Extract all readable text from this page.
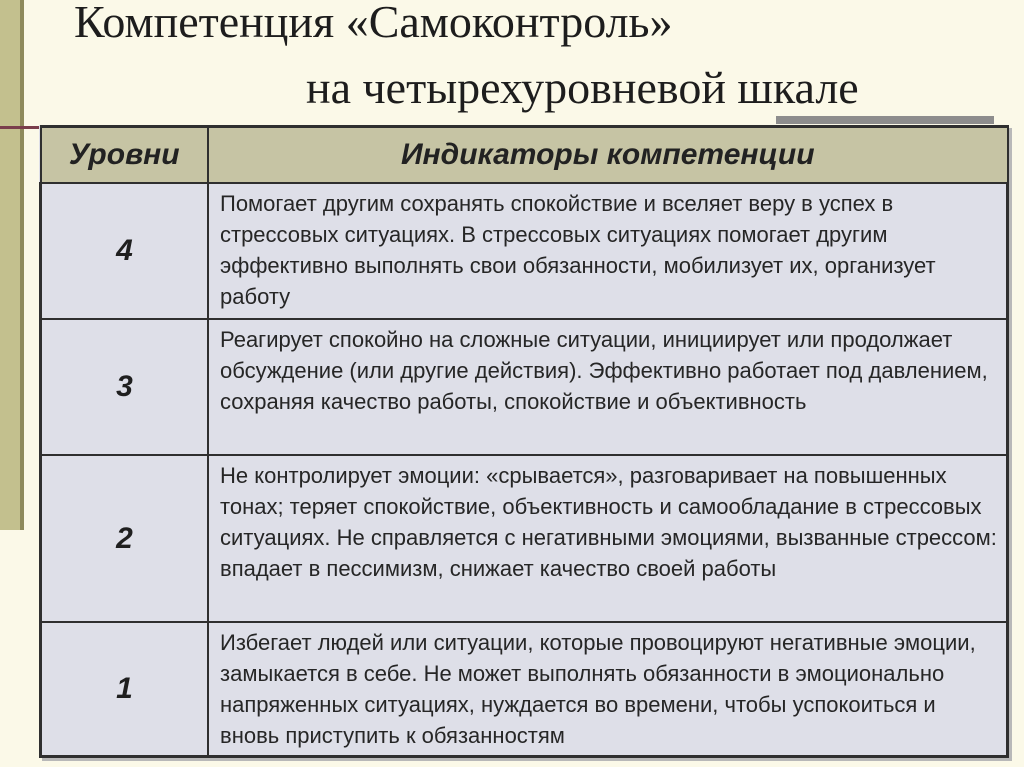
Компетенция «Самоконтроль»
на четырехуровневой шкале
Уровни	Индикаторы компетенции
4	Помогает другим сохранять спокойствие и вселяет веру в успех в стрессовых ситуациях. В стрессовых ситуациях помогает другим эффективно выполнять свои обязанности, мобилизует их, организует работу
3	Реагирует спокойно на сложные ситуации, инициирует или продолжает обсуждение (или другие действия). Эффективно работает под давлением, сохраняя качество работы, спокойствие и объективность
2	Не контролирует эмоции: «срывается», разговаривает на повышенных тонах; теряет спокойствие, объективность и самообладание в стрессовых ситуациях. Не справляется с негативными эмоциями, вызванные стрессом: впадает в пессимизм, снижает качество своей работы
1	Избегает людей или ситуации, которые провоцируют негативные эмоции, замыкается в себе. Не может выполнять обязанности в эмоционально напряженных ситуациях, нуждается во времени, чтобы успокоиться и вновь приступить к обязанностям
